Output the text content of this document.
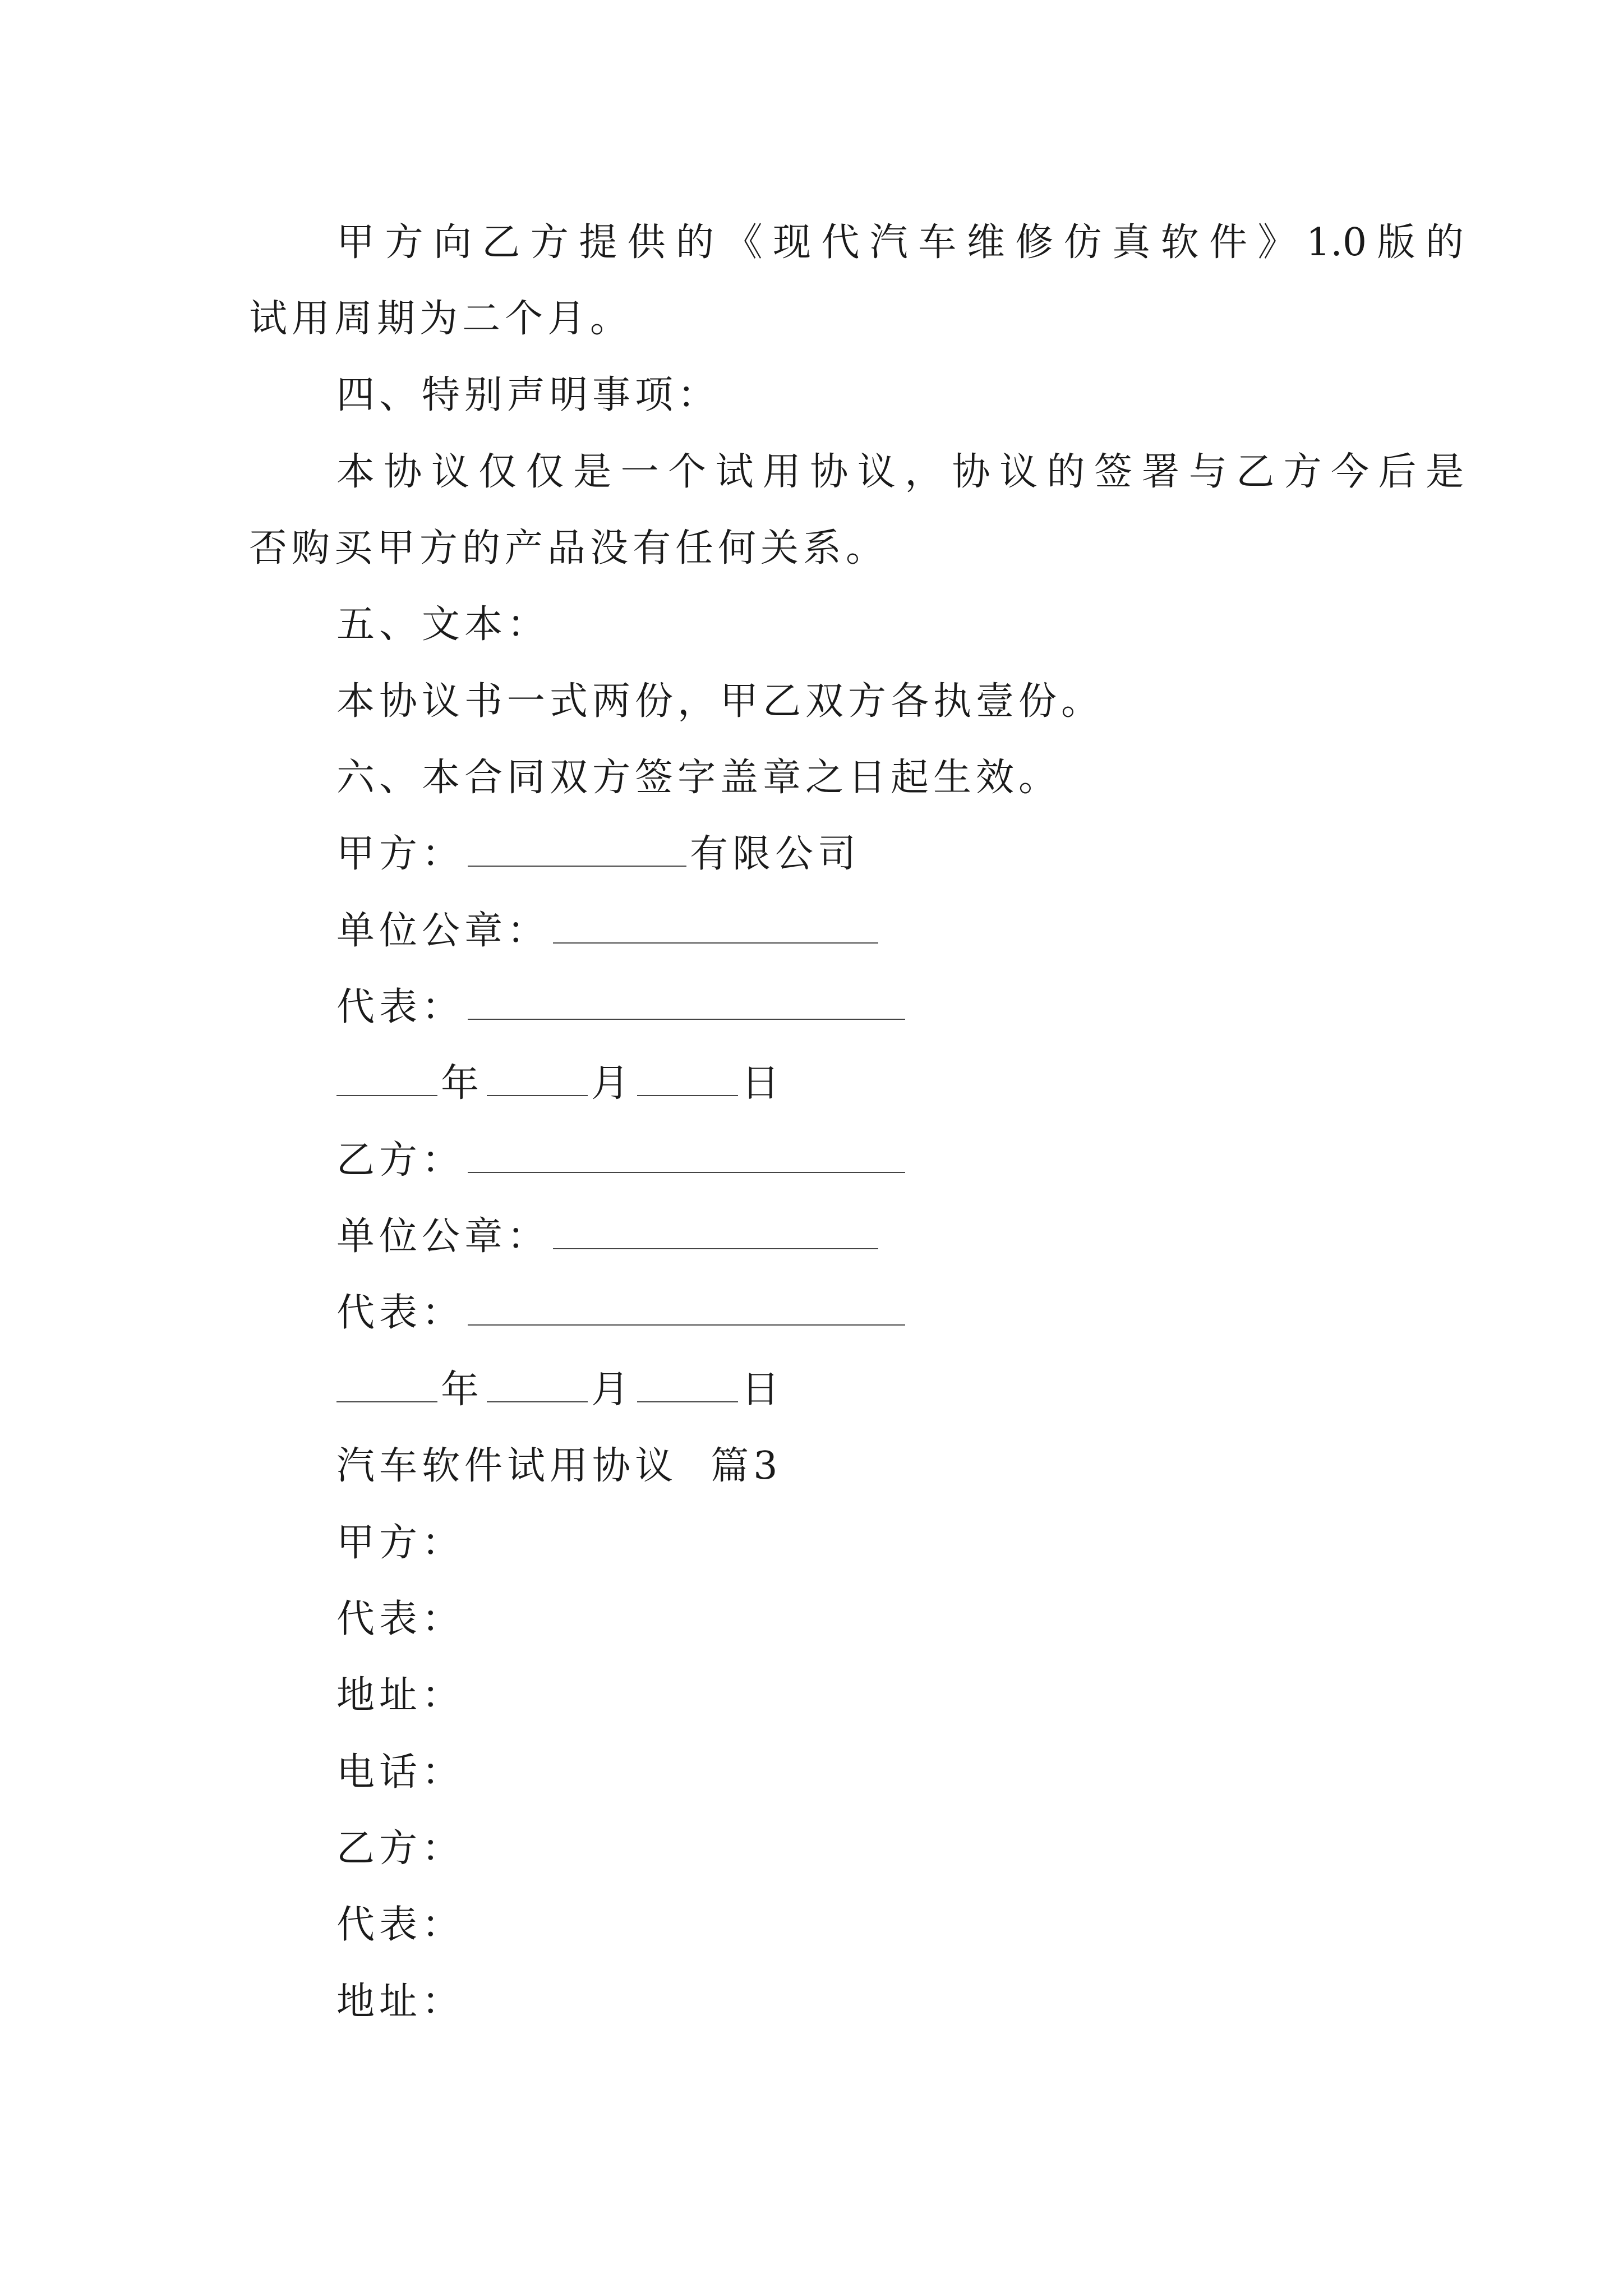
甲方向乙方提供的《现代汽车维修仿真软件》1.0版的
试用周期为二个月。
四、特别声明事项：
本协议仅仅是一个试用协议，协议的签署与乙方今后是
否购买甲方的产品没有任何关系。
五、文本：
本协议书一式两份，甲乙双方各执壹份。
六、本合同双方签字盖章之日起生效。
甲方：	有限公司
单位公章：
代表：
年	月	日
乙方：
单位公章：
代表：
年	月	日
汽车软件试用协议  篇3
甲方：
代表：
地址：
电话：
乙方：
代表：
地址：
